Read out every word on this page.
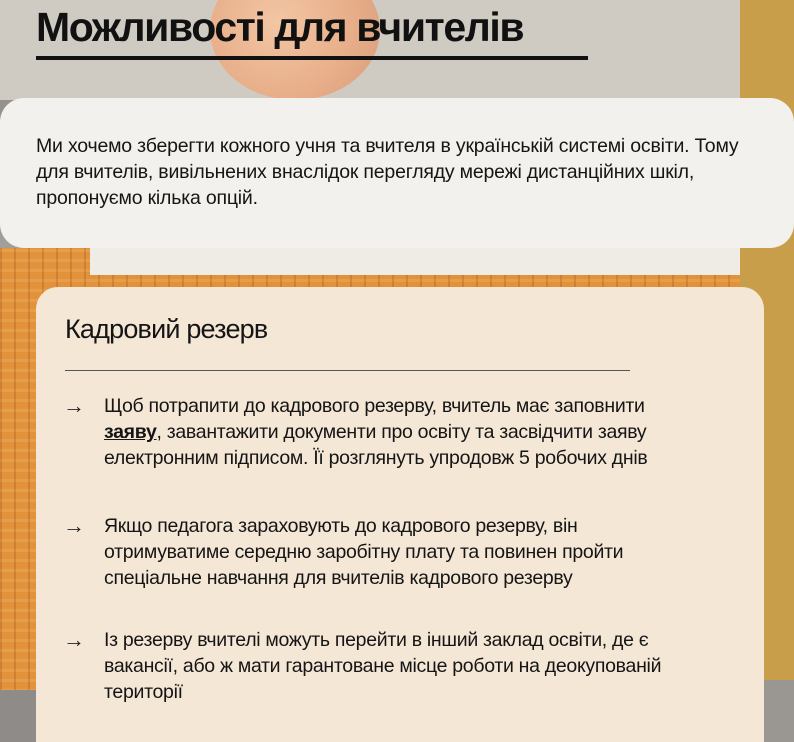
Можливості для вчителів

Ми хочемо зберегти кожного учня та вчителя в українській системі освіти. Тому для вчителів, вивільнених внаслідок перегляду мережі дистанційних шкіл, пропонуємо кілька опцій.

Кадровий резерв
→ Щоб потрапити до кадрового резерву, вчитель має заповнити заяву, завантажити документи про освіту та засвідчити заяву електронним підписом. Її розглянуть упродовж 5 робочих днів

→ Якщо педагога зараховують до кадрового резерву, він отримуватиме середню заробітну плату та повинен пройти спеціальне навчання для вчителів кадрового резерву

→ Із резерву вчителі можуть перейти в інший заклад освіти, де є вакансії, або ж мати гарантоване місце роботи на деокупованій території
